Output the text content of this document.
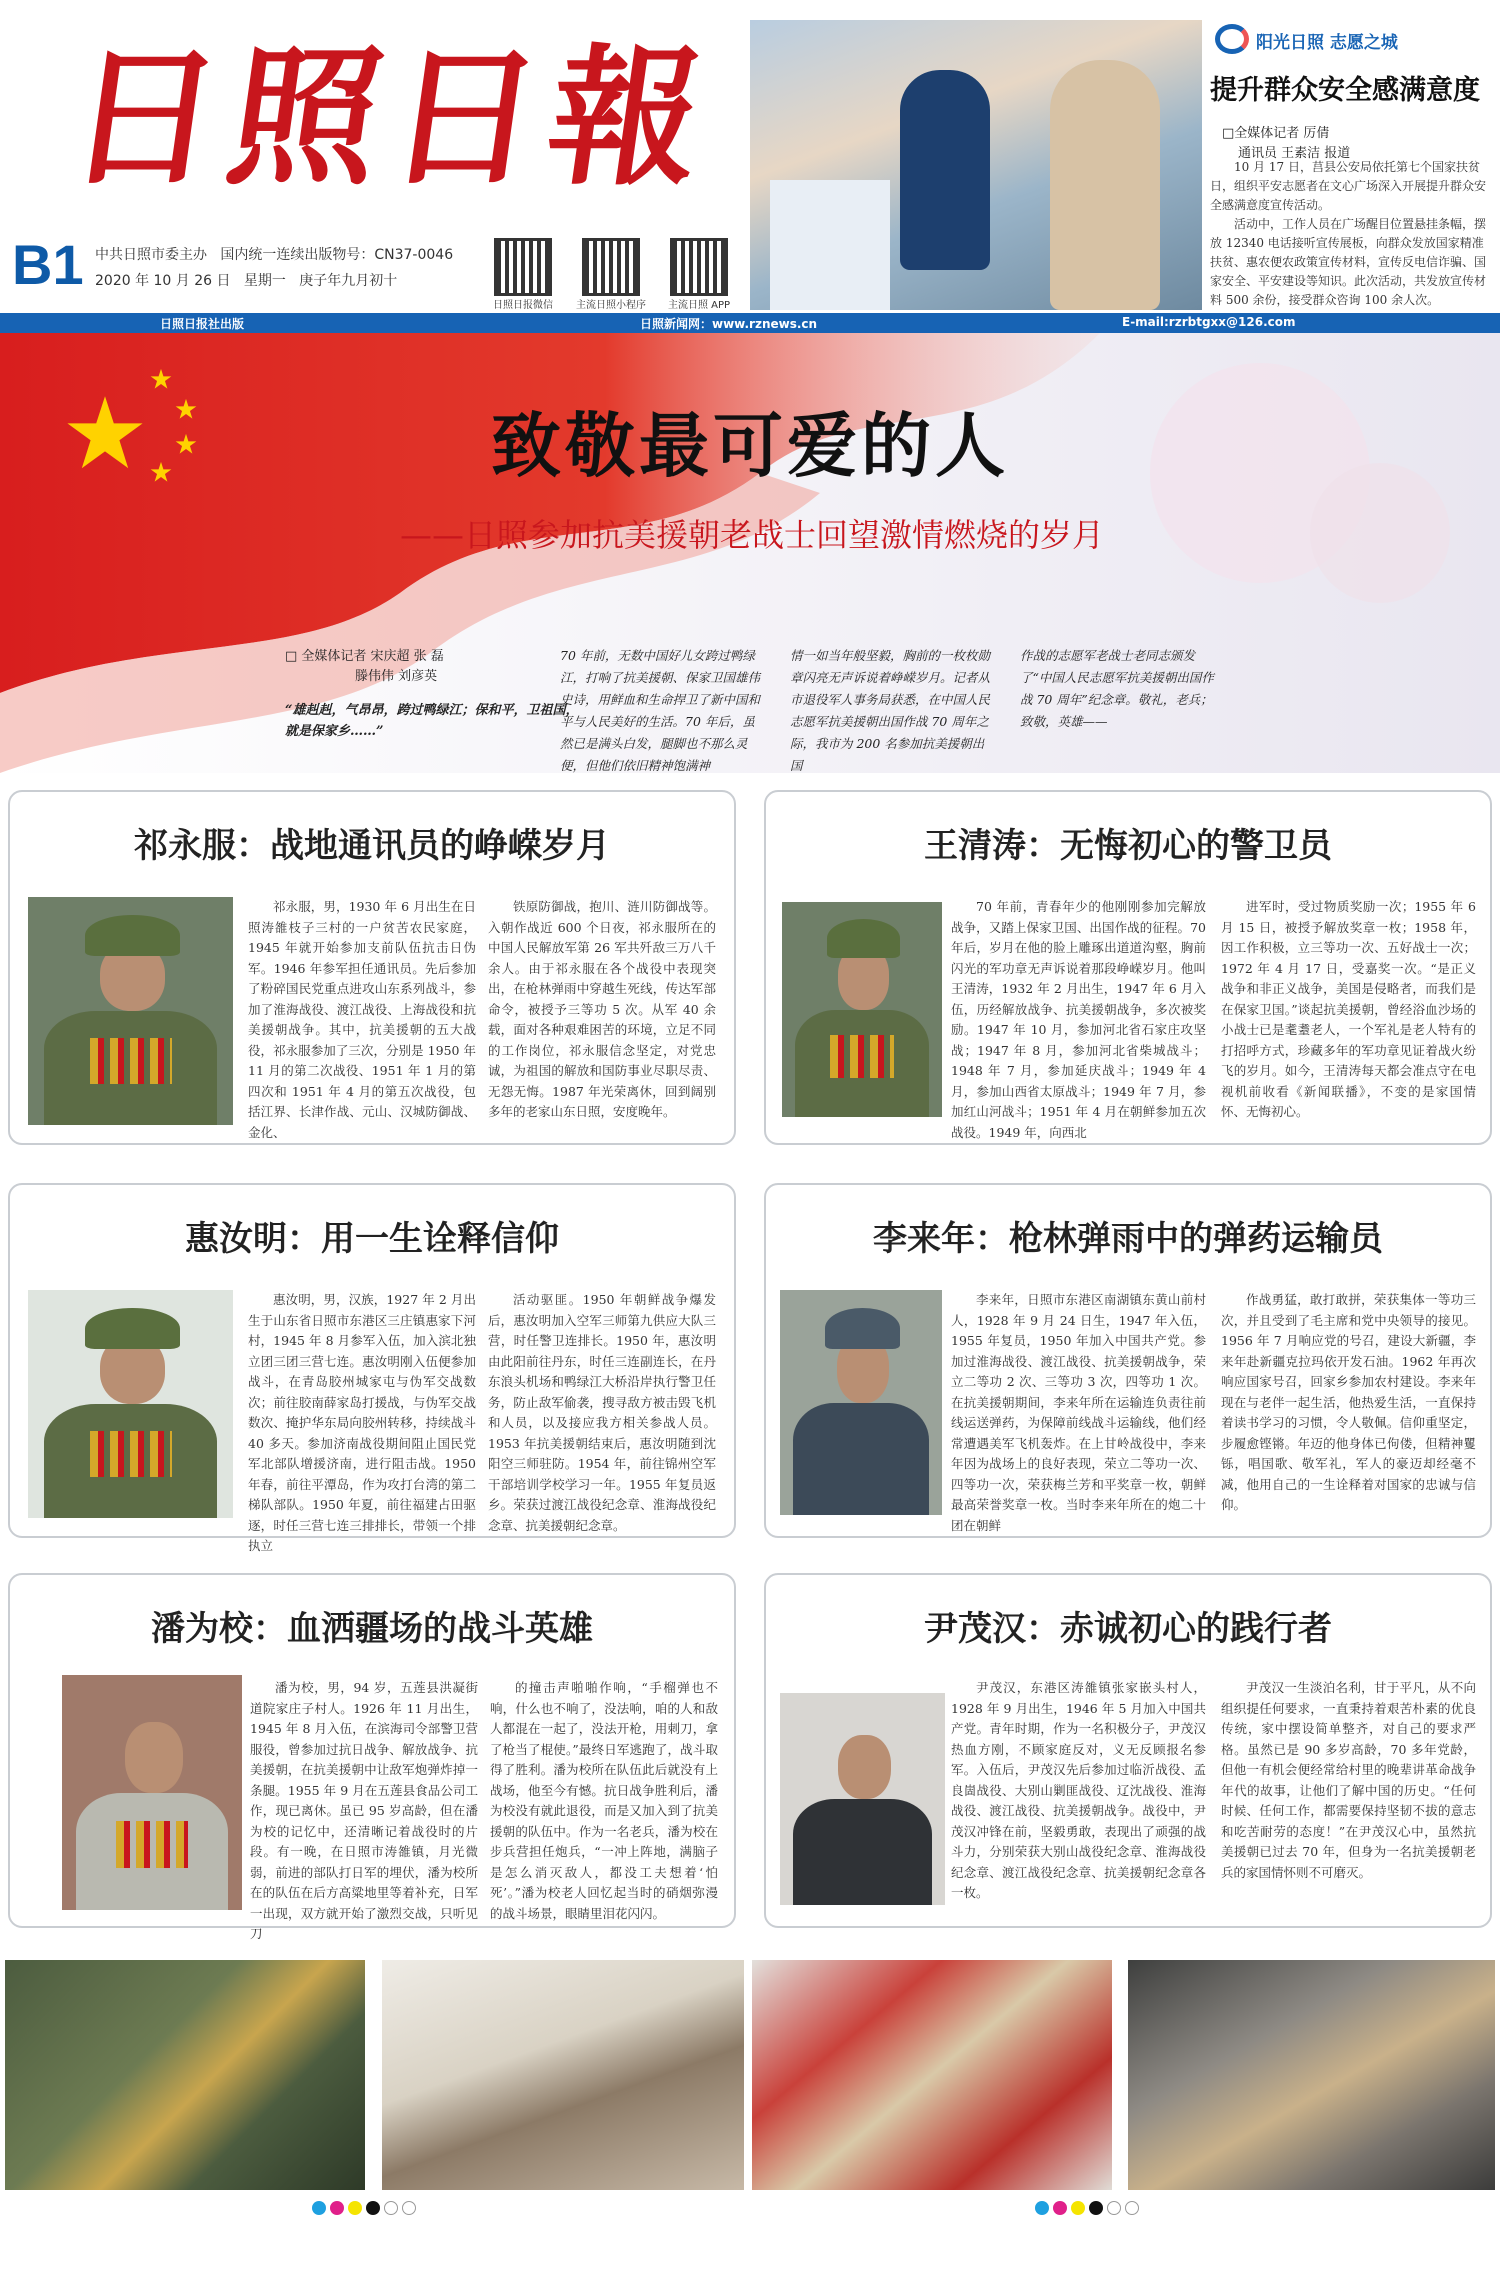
日照日報
B1 中共日照市委主办 国内统一连续出版物号：CN37-0046
2020 年 10 月 26 日 星期一 庚子年九月初十
日照日报微信	主流日照小程序	主流日照 APP
日照日报社出版	日照新闻网：www.rznews.cn	E-mail:rzrbtgxx@126.com
阳光日照 志愿之城
提升群众安全感满意度
□全媒体记者 厉倩
通讯员 王素洁 报道
10 月 17 日，莒县公安局依托第七个国家扶贫日，组织平安志愿者在文心广场深入开展提升群众安全感满意度宣传活动。
活动中，工作人员在广场醒目位置悬挂条幅，摆放 12340 电话接听宣传展板，向群众发放国家精准扶贫、惠农便农政策宣传材料，宣传反电信诈骗、国家安全、平安建设等知识。此次活动，共发放宣传材料 500 余份，接受群众咨询 100 余人次。
致敬最可爱的人
——日照参加抗美援朝老战士回望激情燃烧的岁月
□ 全媒体记者 宋庆超 张 磊
滕伟伟 刘彦英
“雄赳赳，气昂昂，跨过鸭绿江；保和平，卫祖国，就是保家乡……”
70 年前，无数中国好儿女跨过鸭绿江，打响了抗美援朝、保家卫国雄伟史诗，用鲜血和生命捍卫了新中国和平与人民美好的生活。70 年后，虽然已是满头白发，腿脚也不那么灵便，但他们依旧精神饱满神
情一如当年般坚毅，胸前的一枚枚勋章闪亮无声诉说着峥嵘岁月。记者从市退役军人事务局获悉，在中国人民志愿军抗美援朝出国作战 70 周年之际，我市为 200 名参加抗美援朝出国
作战的志愿军老战士老同志颁发了“中国人民志愿军抗美援朝出国作战 70 周年”纪念章。敬礼，老兵；致敬，英雄——
祁永服：战地通讯员的峥嵘岁月

祁永服，男，1930 年 6 月出生在日照涛雒枝子三村的一户贫苦农民家庭，1945 年就开始参加支前队伍抗击日伪军。1946 年参军担任通讯员。先后参加了粉碎国民党重点进攻山东系列战斗，参加了淮海战役、渡江战役、上海战役和抗美援朝战争。其中，抗美援朝的五大战役，祁永服参加了三次，分别是 1950 年 11 月的第二次战役、1951 年 1 月的第四次和 1951 年 4 月的第五次战役，包括江界、长津作战、元山、汉城防御战、金化、

铁原防御战，抱川、涟川防御战等。入朝作战近 600 个日夜，祁永服所在的中国人民解放军第 26 军共歼敌三万八千余人。由于祁永服在各个战役中表现突出，在枪林弹雨中穿越生死线，传达军部命令，被授予三等功 5 次。从军 40 余载，面对各种艰难困苦的环境，立足不同的工作岗位，祁永服信念坚定，对党忠诚，为祖国的解放和国防事业尽职尽责、无怨无悔。1987 年光荣离休，回到阔别多年的老家山东日照，安度晚年。

王清涛：无悔初心的警卫员

70 年前，青春年少的他刚刚参加完解放战争，又踏上保家卫国、出国作战的征程。70 年后，岁月在他的脸上雕琢出道道沟壑，胸前闪光的军功章无声诉说着那段峥嵘岁月。他叫王清涛，1932 年 2 月出生，1947 年 6 月入伍，历经解放战争、抗美援朝战争，多次被奖励。1947 年 10 月，参加河北省石家庄攻坚战；1947 年 8 月，参加河北省柴城战斗；1948 年 7 月，参加延庆战斗；1949 年 4 月，参加山西省太原战斗；1949 年 7 月，参加红山河战斗；1951 年 4 月在朝鲜参加五次战役。1949 年，向西北

进军时，受过物质奖励一次；1955 年 6 月 15 日，被授予解放奖章一枚；1958 年，因工作积极，立三等功一次、五好战士一次；1972 年 4 月 17 日，受嘉奖一次。“是正义战争和非正义战争，美国是侵略者，而我们是在保家卫国。”谈起抗美援朝，曾经浴血沙场的小战士已是耄耋老人，一个军礼是老人特有的打招呼方式，珍藏多年的军功章见证着战火纷飞的岁月。如今，王清涛每天都会准点守在电视机前收看《新闻联播》，不变的是家国情怀、无悔初心。

惠汝明：用一生诠释信仰

惠汝明，男，汉族，1927 年 2 月出生于山东省日照市东港区三庄镇惠家下河村，1945 年 8 月参军入伍，加入滨北独立团三团三营七连。惠汝明刚入伍便参加战斗，在青岛胶州城家屯与伪军交战数次；前往胶南薛家岛打援战，与伪军交战数次、掩护华东局向胶州转移，持续战斗 40 多天。参加济南战役期间阻止国民党军北部队增援济南，进行阻击战。1950 年春，前往平潭岛，作为攻打台湾的第二梯队部队。1950 年夏，前往福建占田驱逐，时任三营七连三排排长，带领一个排执立

活动驱匪。1950 年朝鲜战争爆发后，惠汝明加入空军三师第九供应大队三营，时任警卫连排长。1950 年，惠汝明由此阳前往丹东，时任三连副连长，在丹东浪头机场和鸭绿江大桥沿岸执行警卫任务，防止敌军偷袭，搜寻敌方被击毁飞机和人员，以及接应我方相关参战人员。1953 年抗美援朝结束后，惠汝明随到沈阳空三师驻防。1954 年，前往锦州空军干部培训学校学习一年。1955 年复员返乡。荣获过渡江战役纪念章、淮海战役纪念章、抗美援朝纪念章。

李来年：枪林弹雨中的弹药运输员

李来年，日照市东港区南湖镇东黄山前村人，1928 年 9 月 24 日生，1947 年入伍，1955 年复员，1950 年加入中国共产党。参加过淮海战役、渡江战役、抗美援朝战争，荣立二等功 2 次、三等功 3 次，四等功 1 次。在抗美援朝期间，李来年所在运输连负责往前线运送弹药，为保障前线战斗运输线，他们经常遭遇美军飞机轰炸。在上甘岭战役中，李来年因为战场上的良好表现，荣立二等功一次、四等功一次，荣获梅兰芳和平奖章一枚，朝鲜最高荣誉奖章一枚。当时李来年所在的炮二十团在朝鲜

作战勇猛，敢打敢拼，荣获集体一等功三次，并且受到了毛主席和党中央领导的接见。1956 年 7 月响应党的号召，建设大新疆，李来年赴新疆克拉玛依开发石油。1962 年再次响应国家号召，回家乡参加农村建设。李来年现在与老伴一起生活，他热爱生活，一直保持着读书学习的习惯，令人敬佩。信仰重坚定，步履愈铿锵。年迈的他身体已佝偻，但精神矍铄，唱国歌、敬军礼，军人的豪迈却经毫不减，他用自己的一生诠释着对国家的忠诚与信仰。

潘为校：血洒疆场的战斗英雄

潘为校，男，94 岁，五莲县洪凝街道院家庄子村人。1926 年 11 月出生，1945 年 8 月入伍，在滨海司令部警卫营服役，曾参加过抗日战争、解放战争、抗美援朝，在抗美援朝中让敌军炮弹炸掉一条腿。1955 年 9 月在五莲县食品公司工作，现已离休。虽已 95 岁高龄，但在潘为校的记忆中，还清晰记着战役时的片段。有一晚，在日照市涛雒镇，月光微弱，前进的部队打日军的埋伏，潘为校所在的队伍在后方高粱地里等着补充，日军一出现，双方就开始了激烈交战，只听见刀

的撞击声啪啪作响，“手榴弹也不响，什么也不响了，没法响，咱的人和敌人都混在一起了，没法开枪，用刺刀，拿了枪当了棍使。”最终日军逃跑了，战斗取得了胜利。潘为校所在队伍此后就没有上战场，他至今有憾。抗日战争胜利后，潘为校没有就此退役，而是又加入到了抗美援朝的队伍中。作为一名老兵，潘为校在步兵营担任炮兵，“一冲上阵地，满脑子是怎么消灭敌人，都没工夫想着‘怕死’。”潘为校老人回忆起当时的硝烟弥漫的战斗场景，眼睛里泪花闪闪。

尹茂汉：赤诚初心的践行者

尹茂汉，东港区涛雒镇张家嵌头村人，1928 年 9 月出生，1946 年 5 月加入中国共产党。青年时期，作为一名积极分子，尹茂汉热血方刚，不顾家庭反对，义无反顾报名参军。入伍后，尹茂汉先后参加过临沂战役、孟良崮战役、大别山剿匪战役、辽沈战役、淮海战役、渡江战役、抗美援朝战争。战役中，尹茂汉冲锋在前，坚毅勇敢，表现出了顽强的战斗力，分别荣获大别山战役纪念章、淮海战役纪念章、渡江战役纪念章、抗美援朝纪念章各一枚。

尹茂汉一生淡泊名利，甘于平凡，从不向组织提任何要求，一直秉持着艰苦朴素的优良传统，家中摆设简单整齐，对自己的要求严格。虽然已是 90 多岁高龄，70 多年党龄，但他一有机会便经常给村里的晚辈讲革命战争年代的故事，让他们了解中国的历史。“任何时候、任何工作，都需要保持坚韧不拔的意志和吃苦耐劳的态度！”在尹茂汉心中，虽然抗美援朝已过去 70 年，但身为一名抗美援朝老兵的家国情怀则不可磨灭。
